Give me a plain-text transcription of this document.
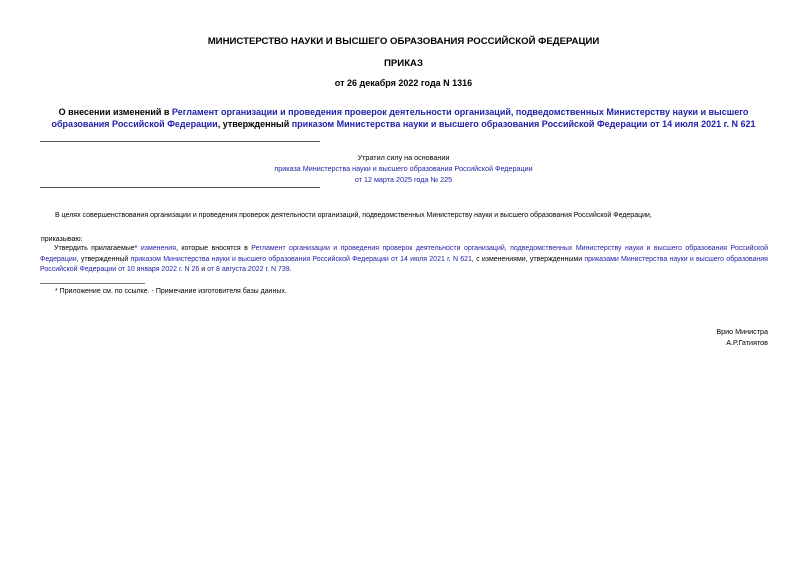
МИНИСТЕРСТВО НАУКИ И ВЫСШЕГО ОБРАЗОВАНИЯ РОССИЙСКОЙ ФЕДЕРАЦИИ
ПРИКАЗ
от 26 декабря 2022 года N 1316
О внесении изменений в Регламент организации и проведения проверок деятельности организаций, подведомственных Министерству науки и высшего образования Российской Федерации, утвержденный приказом Министерства науки и высшего образования Российской Федерации от 14 июля 2021 г. N 621
Утратил силу на основании
приказа Министерства науки и высшего образования Российской Федерации
от 12 марта 2025 года № 225
В целях совершенствования организации и проведения проверок деятельности организаций, подведомственных Министерству науки и высшего образования Российской Федерации,
приказываю:
Утвердить прилагаемые* изменения, которые вносятся в Регламент организации и проведения проверок деятельности организаций, подведомственных Министерству науки и высшего образования Российской Федерации, утвержденный приказом Министерства науки и высшего образования Российской Федерации от 14 июля 2021 г. N 621, с изменениями, утвержденными приказами Министерства науки и высшего образования Российской Федерации от 10 января 2022 г. N 26 и от 8 августа 2022 г. N 739.
* Приложение см. по ссылке. - Примечание изготовителя базы данных.
Врио Министра
А.Р.Гатиятов
